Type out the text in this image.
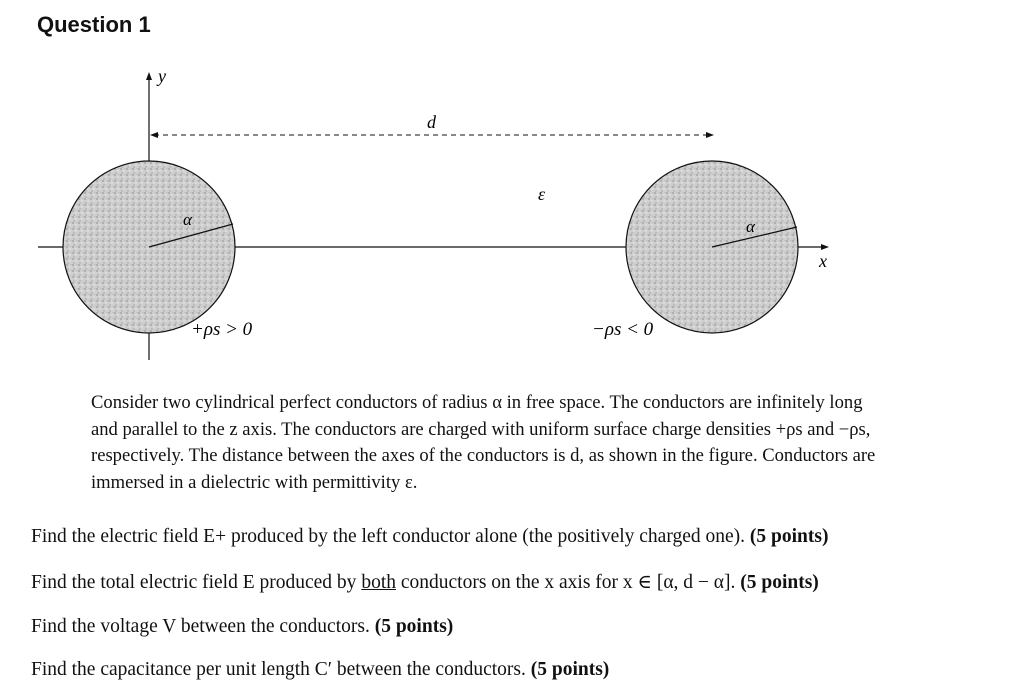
Question 1
y
x
d
ε
α
+ρs > 0
α
−ρs < 0
Consider two cylindrical perfect conductors of radius α in free space. The conductors are infinitely long
and parallel to the z axis. The conductors are charged with uniform surface charge densities +ρs and −ρs,
respectively. The distance between the axes of the conductors is d, as shown in the figure. Conductors are
immersed in a dielectric with permittivity ε.

Find the electric field E+ produced by the left conductor alone (the positively charged one). (5 points)

Find the total electric field E produced by both conductors on the x axis for x ∈ [α, d − α]. (5 points)

Find the voltage V between the conductors. (5 points)

Find the capacitance per unit length C′ between the conductors. (5 points)
